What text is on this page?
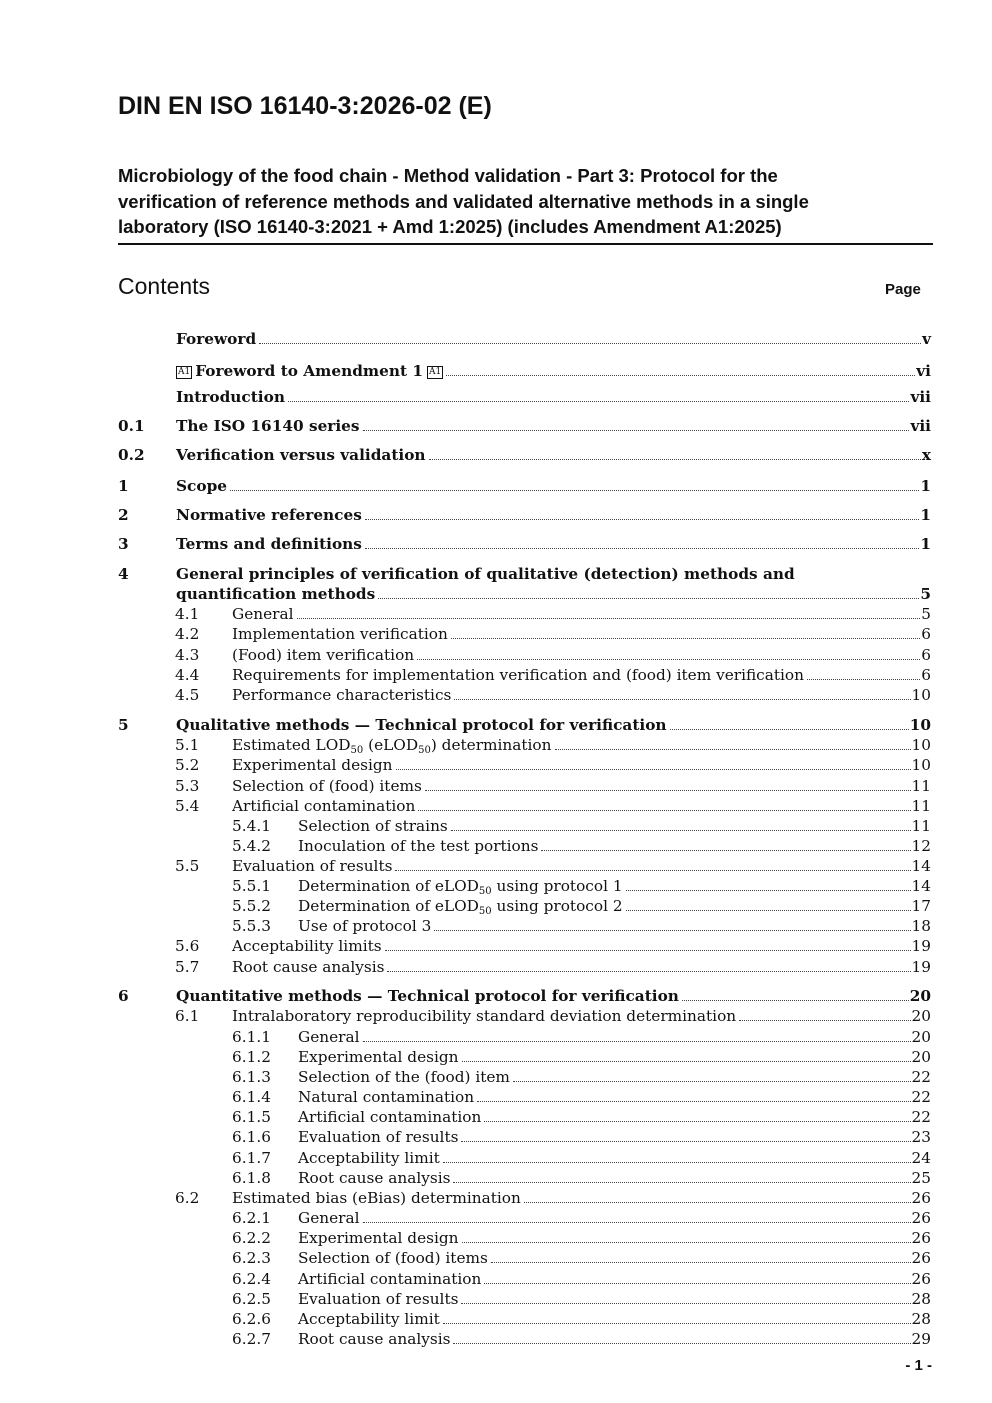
DIN EN ISO 16140-3:2026-02 (E)
Microbiology of the food chain - Method validation - Part 3: Protocol for the
verification of reference methods and validated alternative methods in a single
laboratory (ISO 16140-3:2021 + Amd 1:2025) (includes Amendment A1:2025)
Contents	Page
Foreword	v
A1 Foreword to Amendment 1 A1	vi
Introduction	vii
0.1 The ISO 16140 series	vii
0.2 Verification versus validation	x
1	Scope	1
2	Normative references	1
3	Terms and definitions	1
4	General principles of verification of qualitative (detection) methods and
quantification methods	5
4.1 General	5
4.2 Implementation verification	6
4.3 (Food) item verification	6
4.4 Requirements for implementation verification and (food) item verification	6
4.5 Performance characteristics	10
5	Qualitative methods — Technical protocol for verification	10
5.1 Estimated $LOD_{50}$ (eLOD$_{50}$) determination	10
5.2 Experimental design	10
5.3 Selection of (food) items	11
5.4 Artificial contamination	11
5.4.1 Selection of strains	11
5.4.2 Inoculation of the test portions	12
5.5 Evaluation of results	14
5.5.1 Determination of eLOD$_{50}$ using protocol 1	14
5.5.2 Determination of eLOD$_{50}$ using protocol 2	17
5.5.3 Use of protocol 3	18
5.6 Acceptability limits	19
5.7 Root cause analysis	19
6	Quantitative methods — Technical protocol for verification	20
6.1 Intralaboratory reproducibility standard deviation determination	20
6.1.1 General	20
6.1.2 Experimental design	20
6.1.3 Selection of the (food) item	22
6.1.4 Natural contamination	22
6.1.5 Artificial contamination	22
6.1.6 Evaluation of results	23
6.1.7 Acceptability limit	24
6.1.8 Root cause analysis	25
6.2 Estimated bias (eBias) determination	26
6.2.1 General	26
6.2.2 Experimental design	26
6.2.3 Selection of (food) items	26
6.2.4 Artificial contamination	26
6.2.5 Evaluation of results	28
6.2.6 Acceptability limit	28
6.2.7 Root cause analysis	29
- 1 -
